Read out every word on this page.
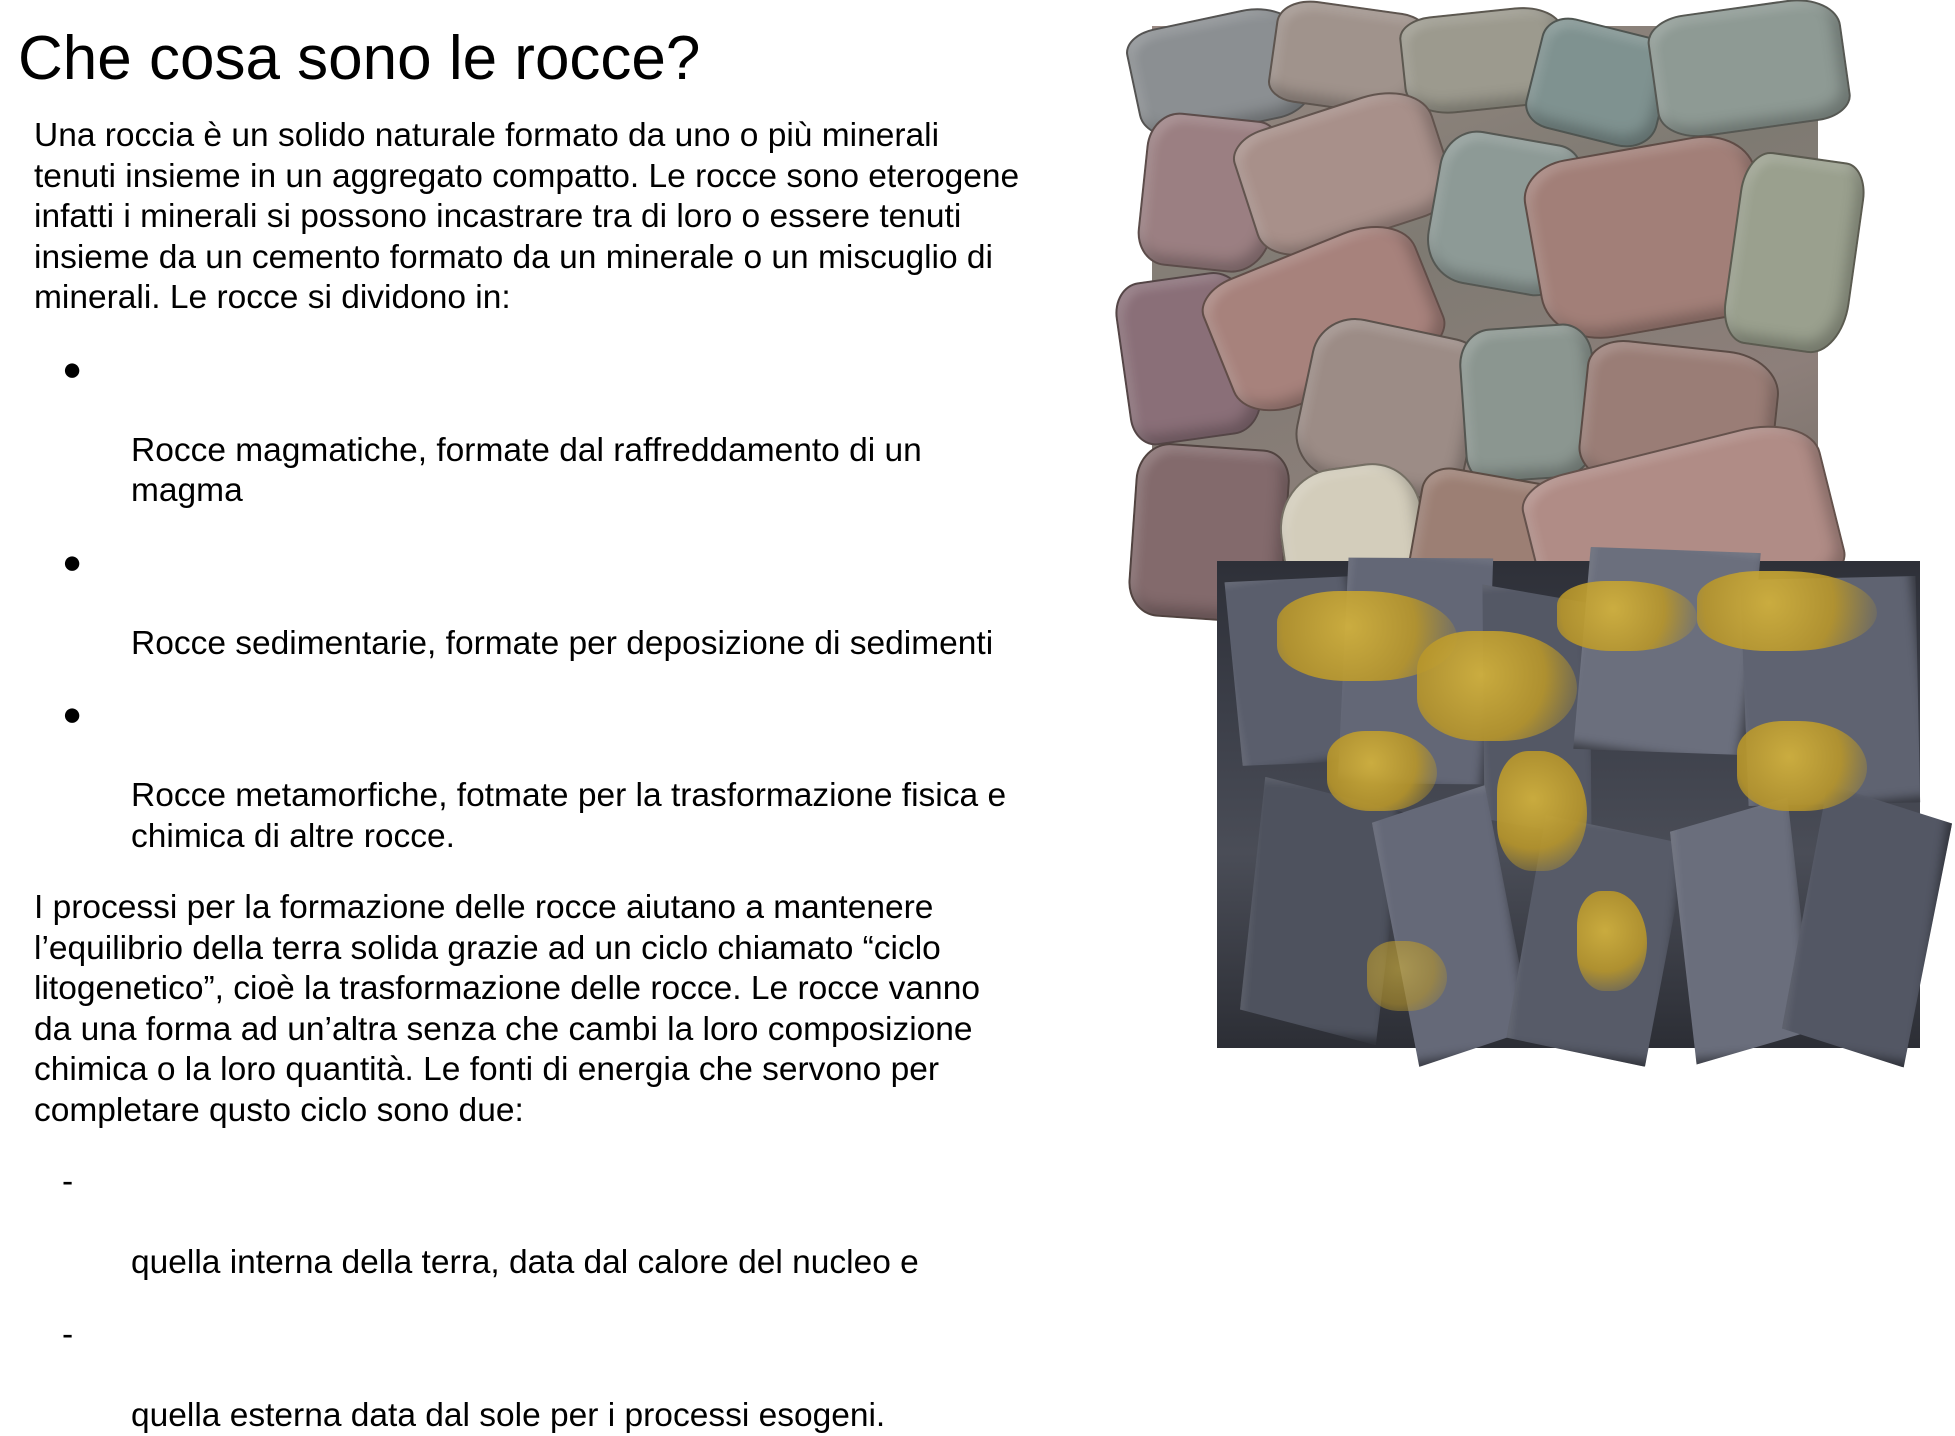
Che cosa sono le rocce?

Una roccia è un solido naturale formato da uno o più minerali
tenuti insieme in un aggregato compatto. Le rocce sono eterogene
infatti i minerali si possono incastrare tra di loro o essere tenuti
insieme da un cemento formato da un minerale o un miscuglio di
minerali. Le rocce si dividono in:

●

Rocce magmatiche, formate dal raffreddamento di un
magma

●

Rocce sedimentarie, formate per deposizione di sedimenti

●

Rocce metamorfiche, fotmate per la trasformazione fisica e
chimica di altre rocce.

I processi per la formazione delle rocce aiutano a mantenere
l’equilibrio della terra solida grazie ad un ciclo chiamato “ciclo
litogenetico”, cioè la trasformazione delle rocce. Le rocce vanno
da una forma ad un’altra senza che cambi la loro composizione
chimica o la loro quantità. Le fonti di energia che servono per
completare qusto ciclo sono due:

-

quella interna della terra, data dal calore del nucleo e

-

quella esterna data dal sole per i processi esogeni.
